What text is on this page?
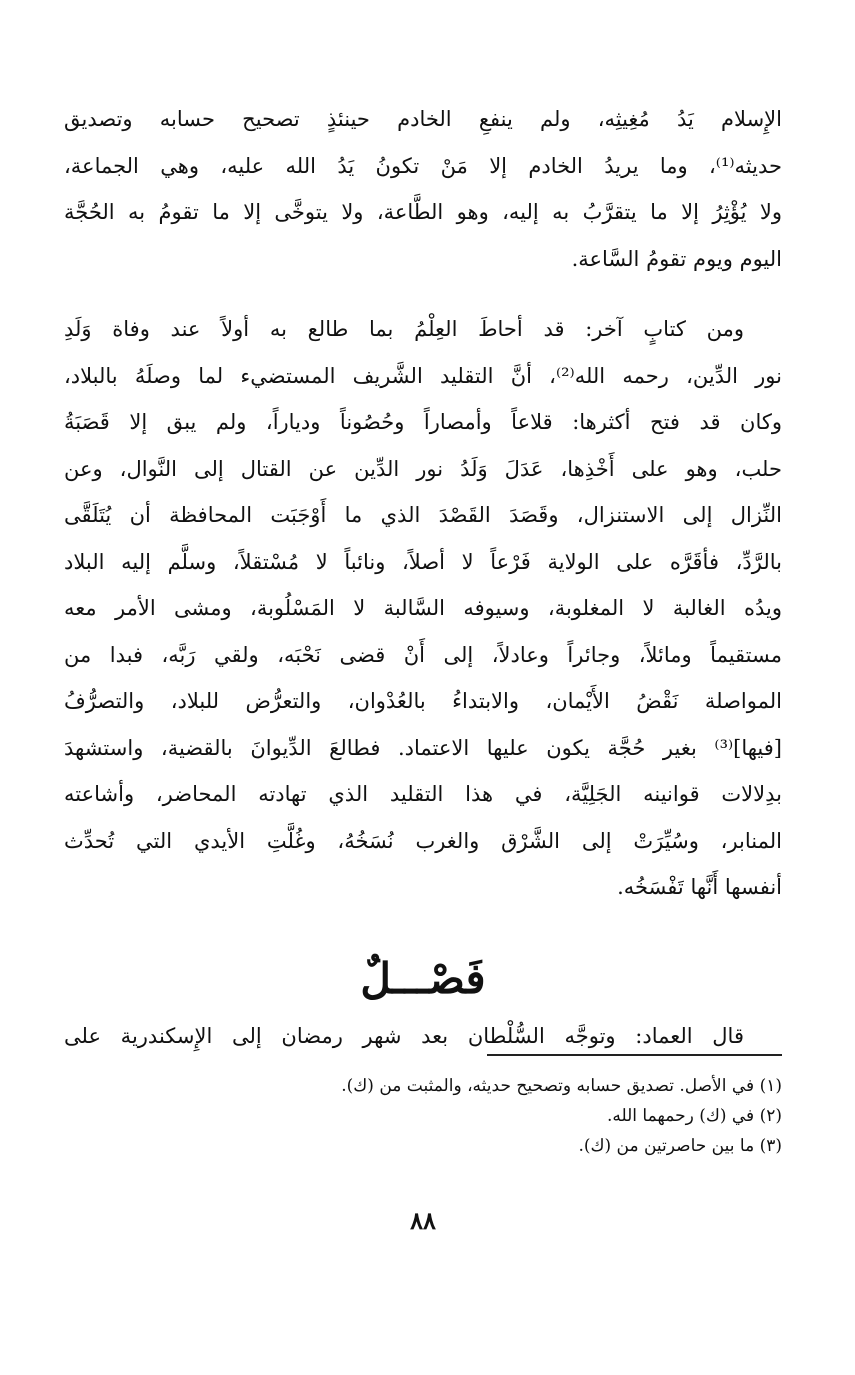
الإِسلام يَدُ مُغِيثِه، ولم ينفعِ الخادم حينئذٍ تصحيح حسابه وتصديق
حديثه⁽¹⁾، وما يريدُ الخادم إلا مَنْ تكونُ يَدُ الله عليه، وهي الجماعة،
ولا يُؤْثِرُ إلا ما يتقرَّبُ به إليه، وهو الطَّاعة، ولا يتوخَّى إلا ما تقومُ به الحُجَّة
اليوم ويوم تقومُ السَّاعة.

ومن كتابٍ آخر: قد أحاطَ العِلْمُ بما طالع به أولاً عند وفاة وَلَدِ
نور الدِّين، رحمه الله⁽²⁾، أنَّ التقليد الشَّريف المستضيء لما وصلَهُ بالبلاد،
وكان قد فتح أكثرها: قلاعاً وأمصاراً وحُصُوناً ودياراً، ولم يبق إلا قَصَبَةُ
حلب، وهو على أَخْذِها، عَدَلَ وَلَدُ نور الدِّين عن القتال إلى النَّوال، وعن
النِّزال إلى الاستنزال، وقَصَدَ القَصْدَ الذي ما أَوْجَبَت المحافظة أن يُتَلَقَّى
بالرَّدِّ، فأقَرَّه على الولاية فَرْعاً لا أصلاً، ونائباً لا مُسْتقلاً، وسلَّم إليه البلاد
ويدُه الغالبة لا المغلوبة، وسيوفه السَّالبة لا المَسْلُوبة، ومشى الأمر معه
مستقيماً ومائلاً، وجائراً وعادلاً، إلى أَنْ قضى نَحْبَه، ولقي رَبَّه، فبدا من
المواصلة نَقْضُ الأَيْمان، والابتداءُ بالعُدْوان، والتعرُّض للبلاد، والتصرُّفُ
[فيها]⁽³⁾ بغير حُجَّة يكون عليها الاعتماد. فطالعَ الدِّيوانَ بالقضية، واستشهدَ
بدِلالات قوانينه الجَلِيَّة، في هذا التقليد الذي تهادته المحاضر، وأشاعته
المنابر، وسُيِّرَتْ إلى الشَّرْق والغرب نُسَخُهُ، وغُلَّتِ الأيدي التي تُحدِّث
أنفسها أَنَّها تَفْسَخُه.

فَصْـــلٌ

قال العماد: وتوجَّه السُّلْطان بعد شهر رمضان إلى الإِسكندرية على

(١) في الأصل. تصديق حسابه وتصحيح حديثه، والمثبت من (ك).
(٢) في (ك) رحمهما الله.
(٣) ما بين حاصرتين من (ك).
٨٨
